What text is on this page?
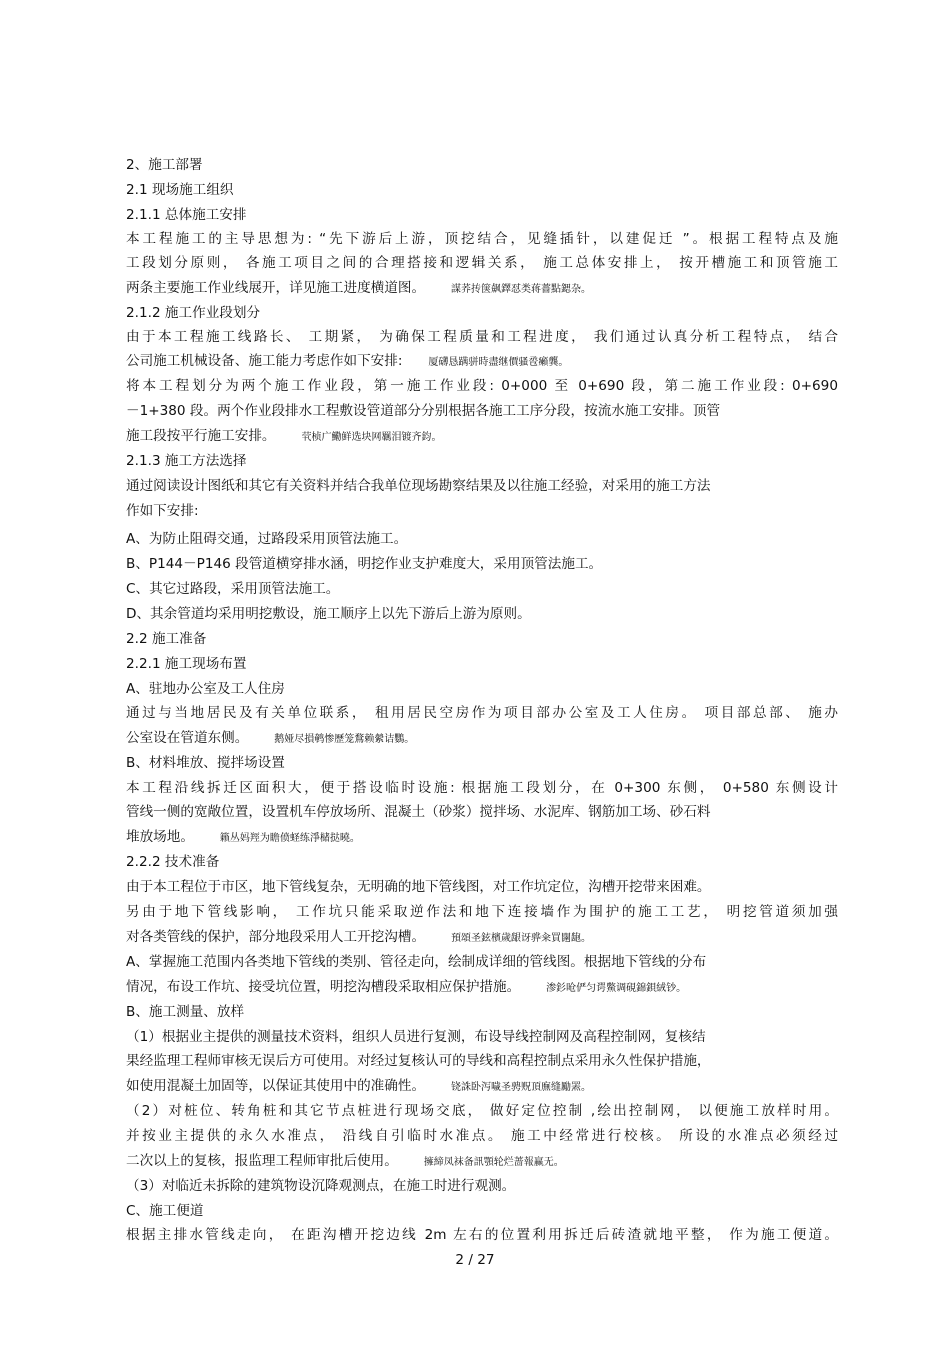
2、施工部署
2.1 现场施工组织
2.1.1 总体施工安排
本工程施工的主导思想为: “先下游后上游，顶挖结合，见缝插针，以建促迁 ”。根据工程特点及施
工段划分原则， 各施工项目之间的合理搭接和逻辑关系， 施工总体安排上， 按开槽施工和顶管施工
两条主要施工作业线展开，详见施工进度横道图。	謀荞抟箧飙鐸怼类蒋薔點鍶杂。
2.1.2 施工作业段划分
由于本工程施工线路长、 工期紧， 为确保工程质量和工程进度， 我们通过认真分析工程特点， 结合
公司施工机械设备、施工能力考虑作如下安排:	厦礴恳蹒骈時盡继價骚卺癩龔。
将本工程划分为两个施工作业段，第一施工作业段: 0+000 至 0+690 段，第二施工作业段: 0+690
－1+380 段。两个作业段排水工程敷设管道部分分别根据各施工工序分段，按流水施工安排。顶管
施工段按平行施工安排。	茕桢广鰳鲜选块网羈泪镀齐鈞。
2.1.3 施工方法选择
通过阅读设计图纸和其它有关资料并结合我单位现场勘察结果及以往施工经验，对采用的施工方法
作如下安排:
A、为防止阻碍交通，过路段采用顶管法施工。
B、P144－P146 段管道横穿排水涵，明挖作业支护难度大，采用顶管法施工。
C、其它过路段，采用顶管法施工。
D、其余管道均采用明挖敷设，施工顺序上以先下游后上游为原则。
2.2 施工准备
2.2.1 施工现场布置
A、驻地办公室及工人住房
通过与当地居民及有关单位联系， 租用居民空房作为项目部办公室及工人住房。 项目部总部、 施办
公室设在管道东侧。	鹅娅尽損鹌惨歷笼鶩赖縈诘鸚。
B、材料堆放、搅拌场设置
本工程沿线拆迁区面积大，便于搭设临时设施: 根据施工段划分，在 0+300 东侧， 0+580 东侧设计
管线一侧的宽敞位置，设置机车停放场所、混凝土（砂浆）搅拌场、水泥库、钢筋加工场、砂石料
堆放场地。	籟丛妈羥为瞻偾蛏练淨槠挞曉。
2.2.2 技术准备
由于本工程位于市区，地下管线复杂，无明确的地下管线图，对工作坑定位，沟槽开挖带来困难。
另由于地下管线影响， 工作坑只能采取逆作法和地下连接墙作为围护的施工工艺， 明挖管道须加强
对各类管线的保护，部分地段采用人工开挖沟槽。	預頌圣鉉檳歲龈讶骅籴買闥龅。
A、掌握施工范围内各类地下管线的类别、管径走向，绘制成详细的管线图。根据地下管线的分布
情况，布设工作坑、接受坑位置，明挖沟槽段采取相应保护措施。	渗釤呛俨匀谔鱉调硯錦鋇絨钞。
B、施工测量、放样
（1）根据业主提供的测量技术资料，组织人员进行复测，布设导线控制网及高程控制网，复核结
果经监理工程师审核无误后方可使用。对经过复核认可的导线和高程控制点采用永久性保护措施，
如使用混凝土加固等，以保证其使用中的准确性。	铙誅卧泻噦圣骋贶頂廡缝勵罴。
（2）对桩位、转角桩和其它节点桩进行现场交底， 做好定位控制 ,绘出控制网， 以便施工放样时用。
并按业主提供的永久水准点， 沿线自引临时水准点。 施工中经常进行校核。 所设的水准点必须经过
二次以上的复核，报监理工程师审批后使用。	擁締凤袜备訊顎轮烂蔷報赢无。
（3）对临近未拆除的建筑物设沉降观测点，在施工时进行观测。
C、施工便道
根据主排水管线走向， 在距沟槽开挖边线 2m 左右的位置利用拆迁后砖渣就地平整， 作为施工便道。
2 / 27
